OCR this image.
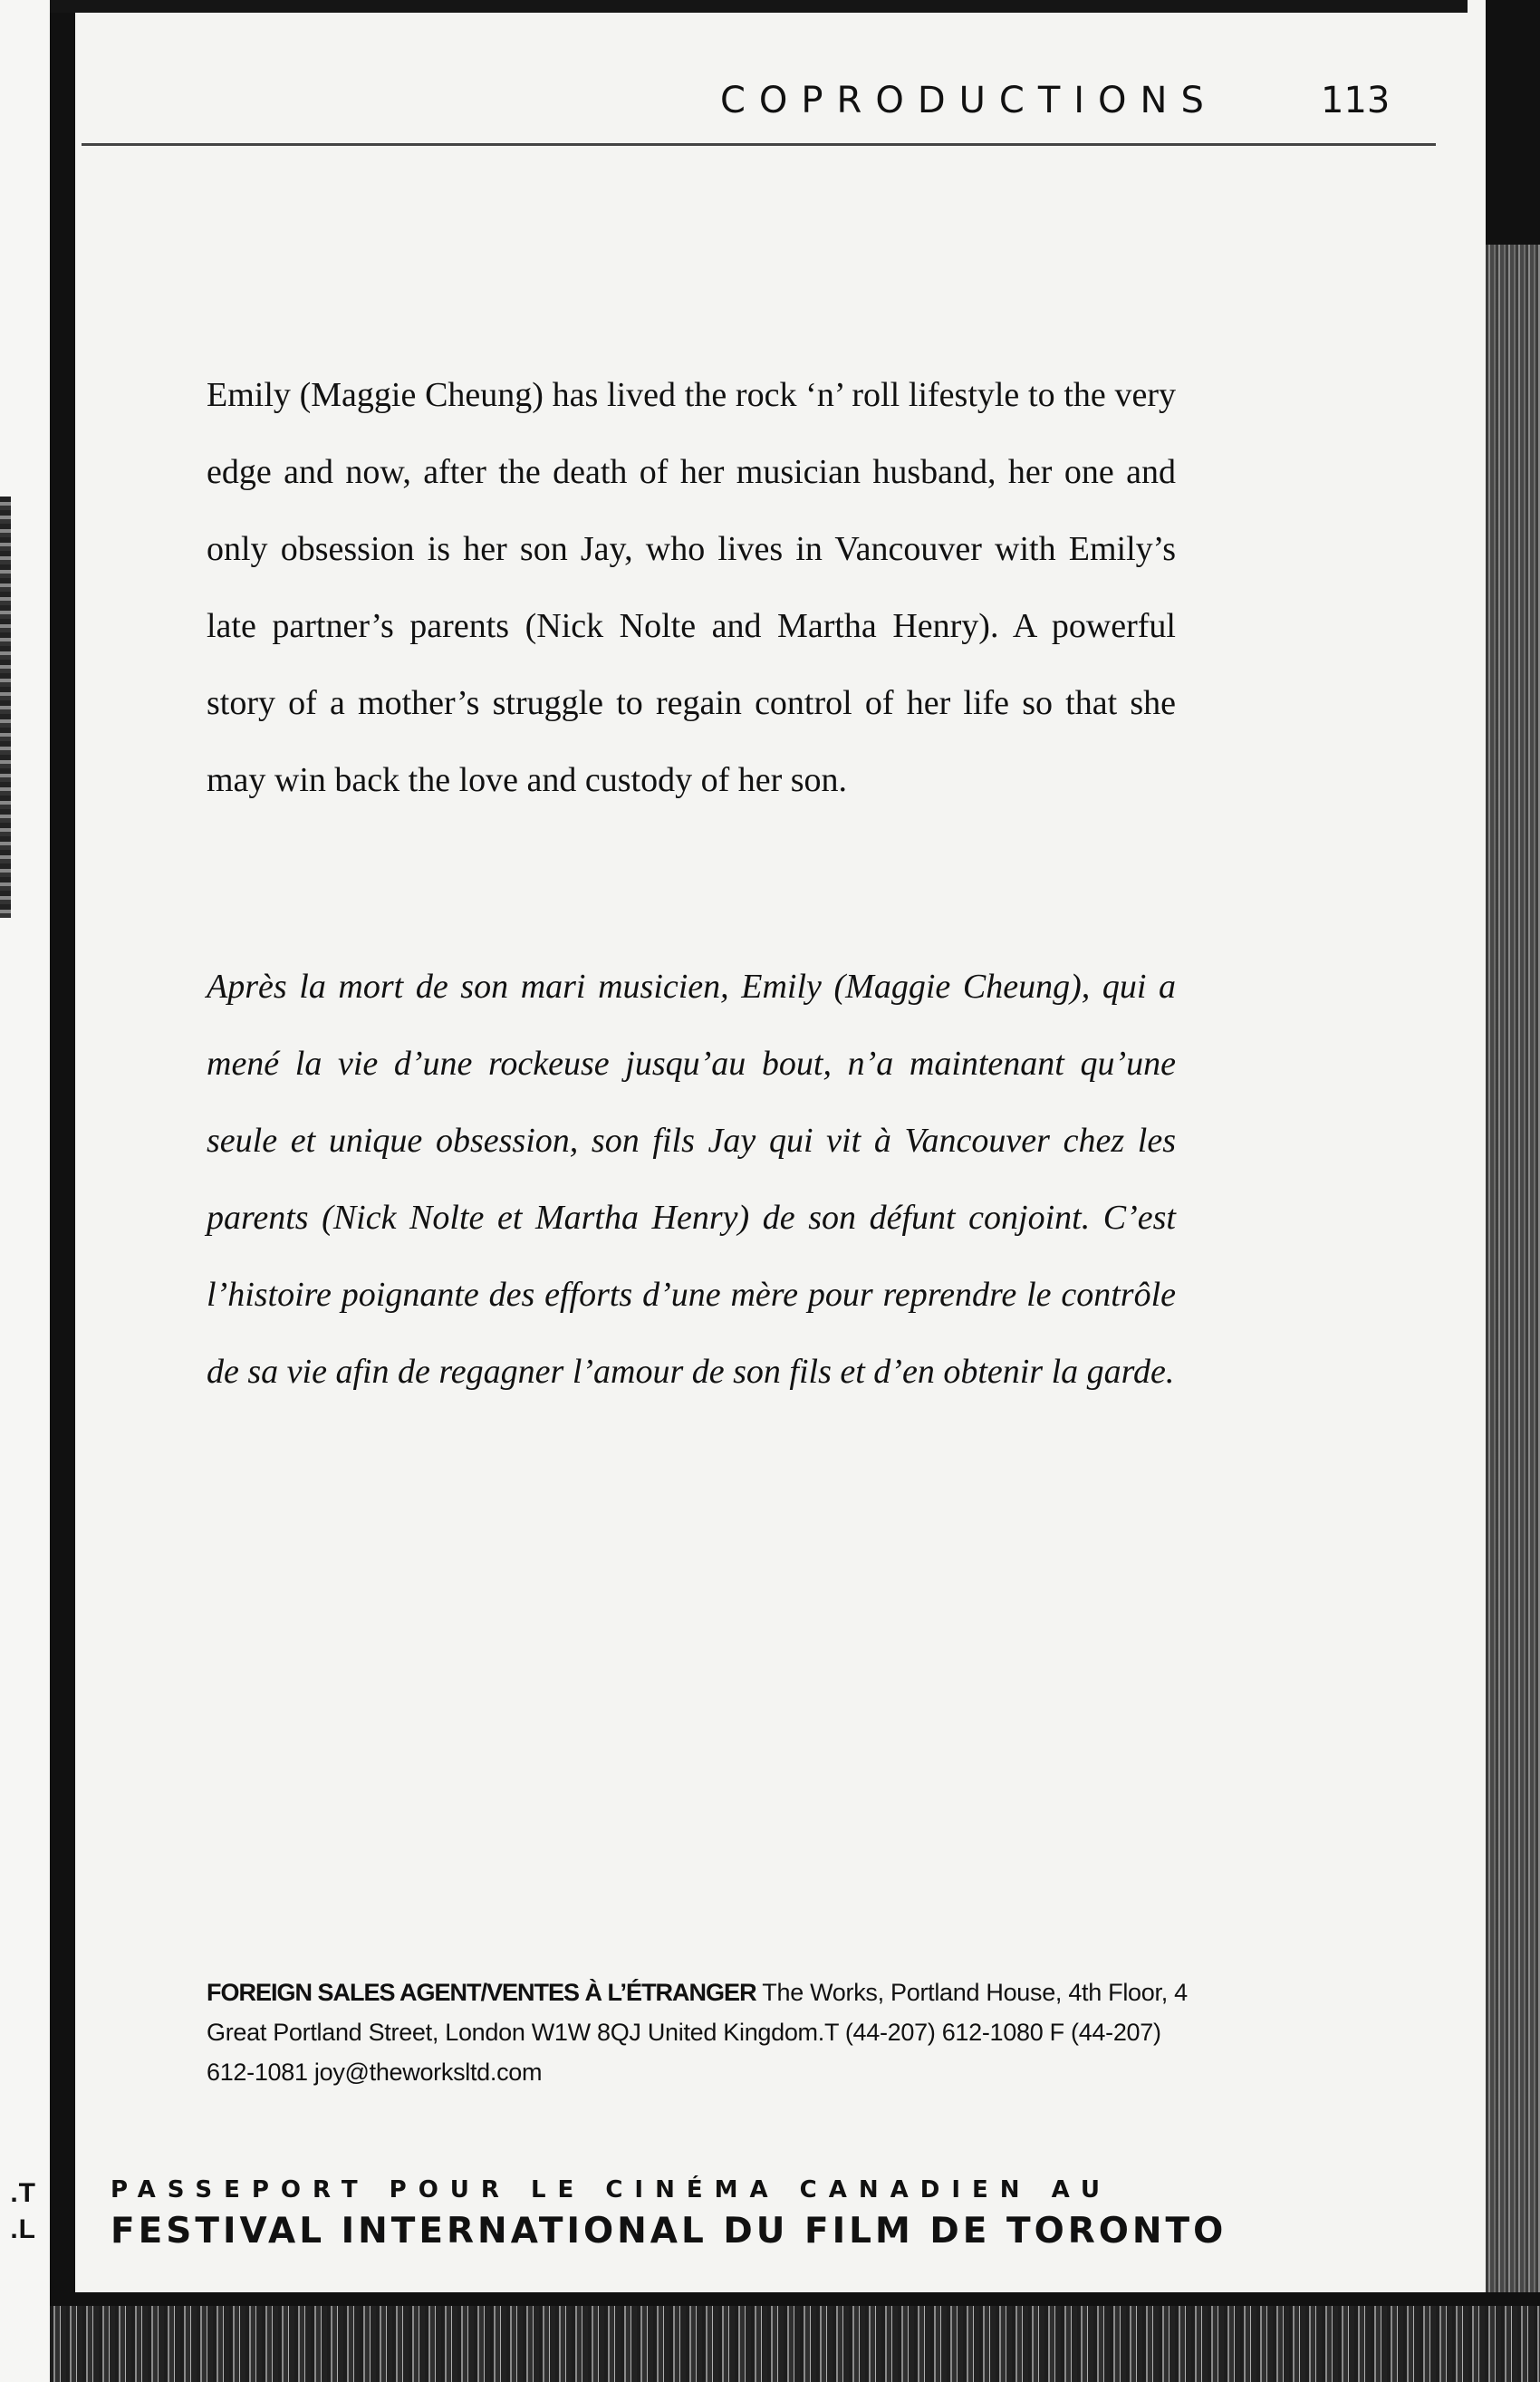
.T
.L
COPRODUCTIONS	113

Emily (Maggie Cheung) has lived the rock ‘n’ roll lifestyle to the very edge and now, after the death of her musician husband, her one and only obsession is her son Jay, who lives in Vancouver with Emily’s late partner’s parents (Nick Nolte and Martha Henry). A powerful story of a mother’s struggle to regain control of her life so that she may win back the love and custody of her son.

Après la mort de son mari musicien, Emily (Maggie Cheung), qui a mené la vie d’une rockeuse jusqu’au bout, n’a maintenant qu’une seule et unique obsession, son fils Jay qui vit à Vancouver chez les parents (Nick Nolte et Martha Henry) de son défunt conjoint. C’est l’histoire poignante des efforts d’une mère pour reprendre le contrôle de sa vie afin de regagner l’amour de son fils et d’en obtenir la garde.

FOREIGN SALES AGENT/VENTES À L’ÉTRANGER The Works, Portland House, 4th Floor, 4 Great Portland Street, London W1W 8QJ United Kingdom.T (44-207) 612-1080 F (44-207) 612-1081 joy@theworksltd.com

PASSEPORT POUR LE CINÉMA CANADIEN AU
FESTIVAL INTERNATIONAL DU FILM DE TORONTO
